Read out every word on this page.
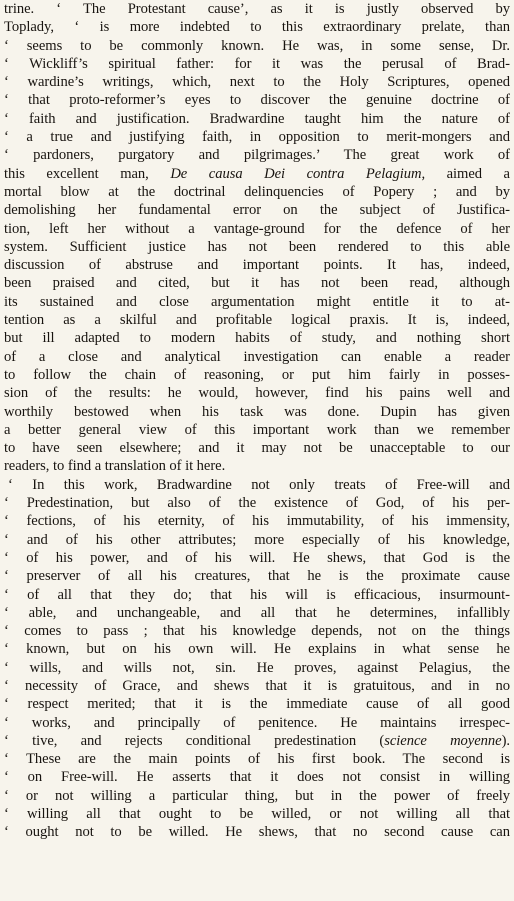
trine. ‘ The Protestant cause’, as it is justly observed by
Toplady, ‘ is more indebted to this extraordinary prelate, than
‘ seems to be commonly known. He was, in some sense, Dr.
‘ Wickliff’s spiritual father: for it was the perusal of Brad-
‘ wardine’s writings, which, next to the Holy Scriptures, opened
‘ that proto-reformer’s eyes to discover the genuine doctrine of
‘ faith and justification. Bradwardine taught him the nature of
‘ a true and justifying faith, in opposition to merit-mongers and
‘ pardoners, purgatory and pilgrimages.’ The great work of
this excellent man, De causa Dei contra Pelagium, aimed a
mortal blow at the doctrinal delinquencies of Popery ; and by
demolishing her fundamental error on the subject of Justifica-
tion, left her without a vantage-ground for the defence of her
system. Sufficient justice has not been rendered to this able
discussion of abstruse and important points. It has, indeed,
been praised and cited, but it has not been read, although
its sustained and close argumentation might entitle it to at-
tention as a skilful and profitable logical praxis. It is, indeed,
but ill adapted to modern habits of study, and nothing short
of a close and analytical investigation can enable a reader
to follow the chain of reasoning, or put him fairly in posses-
sion of the results: he would, however, find his pains well and
worthily bestowed when his task was done. Dupin has given
a better general view of this important work than we remember
to have seen elsewhere; and it may not be unacceptable to our
readers, to find a translation of it here.
‘ In this work, Bradwardine not only treats of Free-will and
‘ Predestination, but also of the existence of God, of his per-
‘ fections, of his eternity, of his immutability, of his immensity,
‘ and of his other attributes; more especially of his knowledge,
‘ of his power, and of his will. He shews, that God is the
‘ preserver of all his creatures, that he is the proximate cause
‘ of all that they do; that his will is efficacious, insurmount-
‘ able, and unchangeable, and all that he determines, infallibly
‘ comes to pass ; that his knowledge depends, not on the things
‘ known, but on his own will. He explains in what sense he
‘ wills, and wills not, sin. He proves, against Pelagius, the
‘ necessity of Grace, and shews that it is gratuitous, and in no
‘ respect merited; that it is the immediate cause of all good
‘ works, and principally of penitence. He maintains irrespec-
‘ tive, and rejects conditional predestination (science moyenne).
‘ These are the main points of his first book. The second is
‘ on Free-will. He asserts that it does not consist in willing
‘ or not willing a particular thing, but in the power of freely
‘ willing all that ought to be willed, or not willing all that
‘ ought not to be willed. He shews, that no second cause can
